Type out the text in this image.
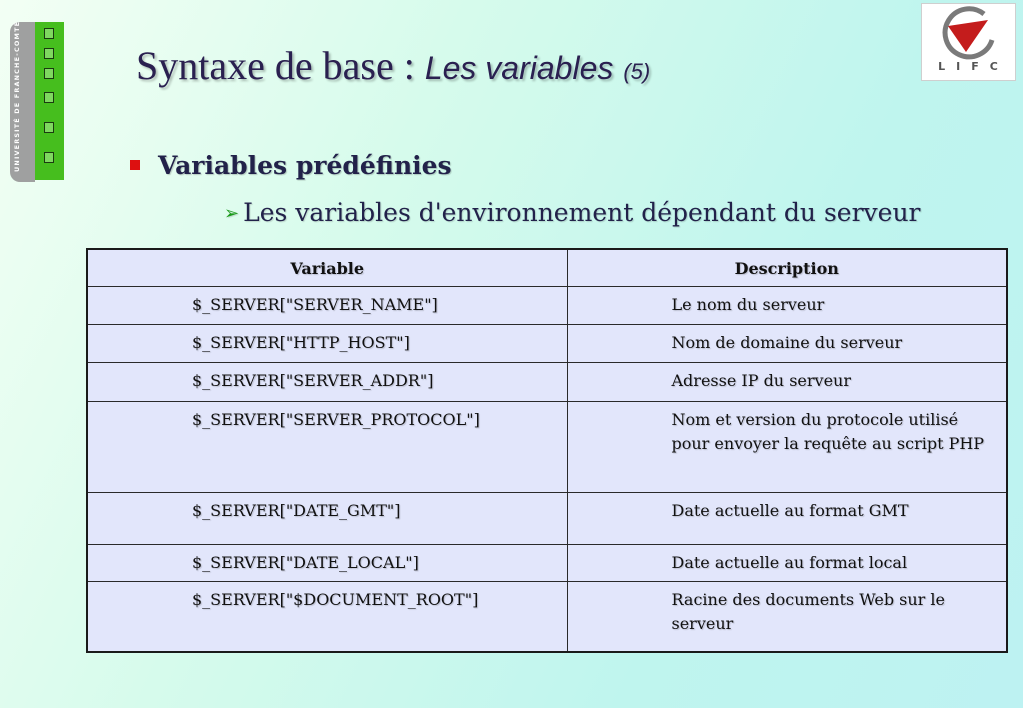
UNIVERSITÉ DE FRANCHE-COMTÉ	LIFC
Syntaxe de base : Les variables (5)
Variables prédéfinies
➢ Les variables d'environnement dépendant du serveur
Variable	Description
$_SERVER["SERVER_NAME"]	Le nom du serveur
$_SERVER["HTTP_HOST"]	Nom de domaine du serveur
$_SERVER["SERVER_ADDR"]	Adresse IP du serveur
$_SERVER["SERVER_PROTOCOL"]	Nom et version du protocole utilisé pour envoyer la requête au script PHP
$_SERVER["DATE_GMT"]	Date actuelle au format GMT
$_SERVER["DATE_LOCAL"]	Date actuelle au format local
$_SERVER["$DOCUMENT_ROOT"]	Racine des documents Web sur le serveur
